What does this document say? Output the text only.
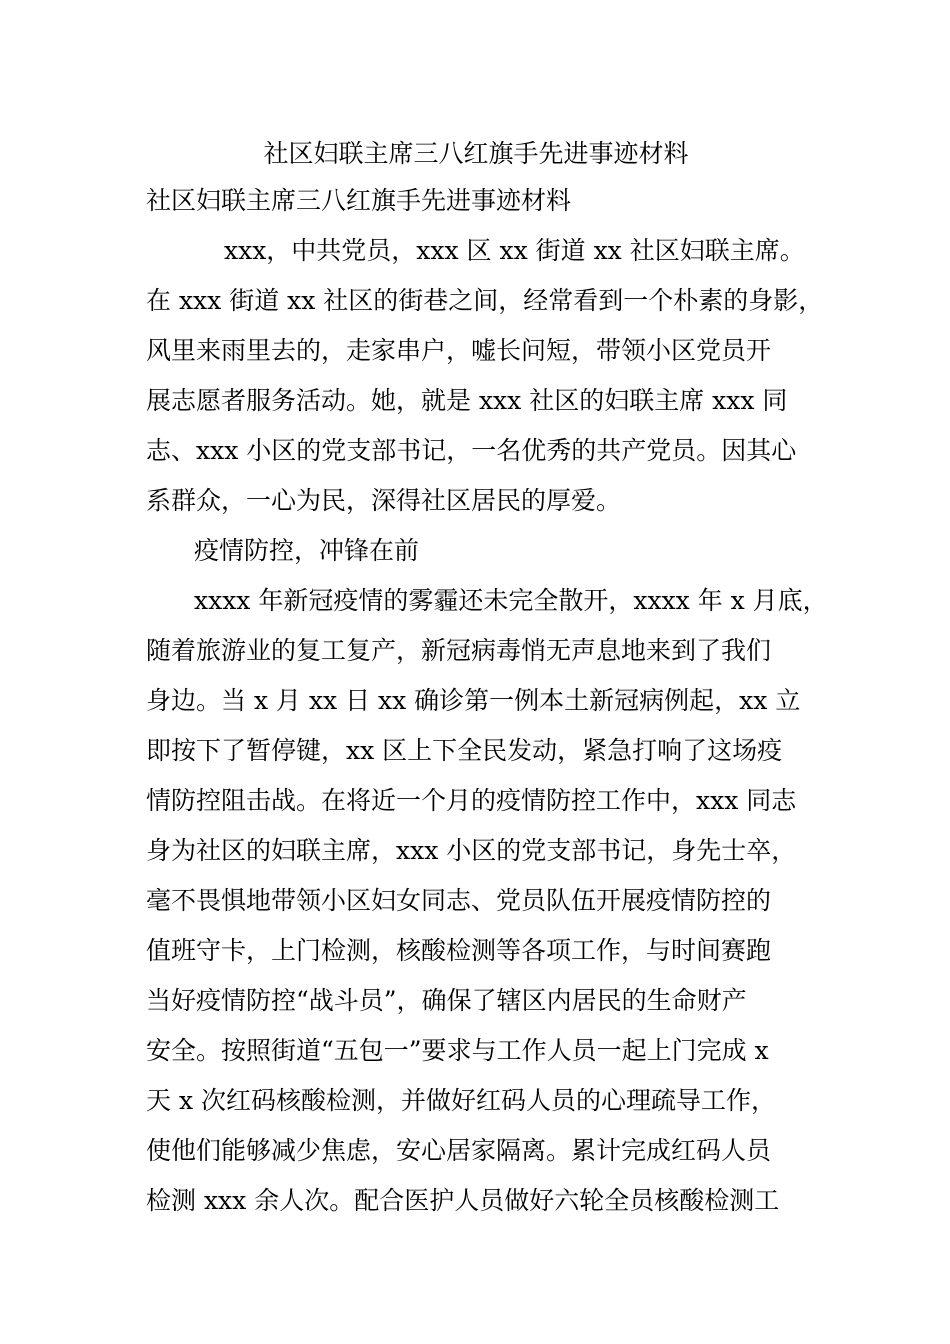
社区妇联主席三八红旗手先进事迹材料
社区妇联主席三八红旗手先进事迹材料
xxx，中共党员，xxx 区 xx 街道 xx 社区妇联主席。
在 xxx 街道 xx 社区的街巷之间，经常看到一个朴素的身影，
风里来雨里去的，走家串户，嘘长问短，带领小区党员开
展志愿者服务活动。她，就是 xxx 社区的妇联主席 xxx 同
志、xxx 小区的党支部书记，一名优秀的共产党员。因其心
系群众，一心为民，深得社区居民的厚爱。
疫情防控，冲锋在前
xxxx 年新冠疫情的雾霾还未完全散开，xxxx 年 x 月底，
随着旅游业的复工复产，新冠病毒悄无声息地来到了我们
身边。当 x 月 xx 日 xx 确诊第一例本土新冠病例起，xx 立
即按下了暂停键，xx 区上下全民发动，紧急打响了这场疫
情防控阻击战。在将近一个月的疫情防控工作中，xxx 同志
身为社区的妇联主席，xxx 小区的党支部书记，身先士卒，
毫不畏惧地带领小区妇女同志、党员队伍开展疫情防控的
值班守卡，上门检测，核酸检测等各项工作，与时间赛跑
当好疫情防控“战斗员”，确保了辖区内居民的生命财产
安全。按照街道“五包一”要求与工作人员一起上门完成 x
天 x 次红码核酸检测，并做好红码人员的心理疏导工作，
使他们能够减少焦虑，安心居家隔离。累计完成红码人员
检测 xxx 余人次。配合医护人员做好六轮全员核酸检测工
